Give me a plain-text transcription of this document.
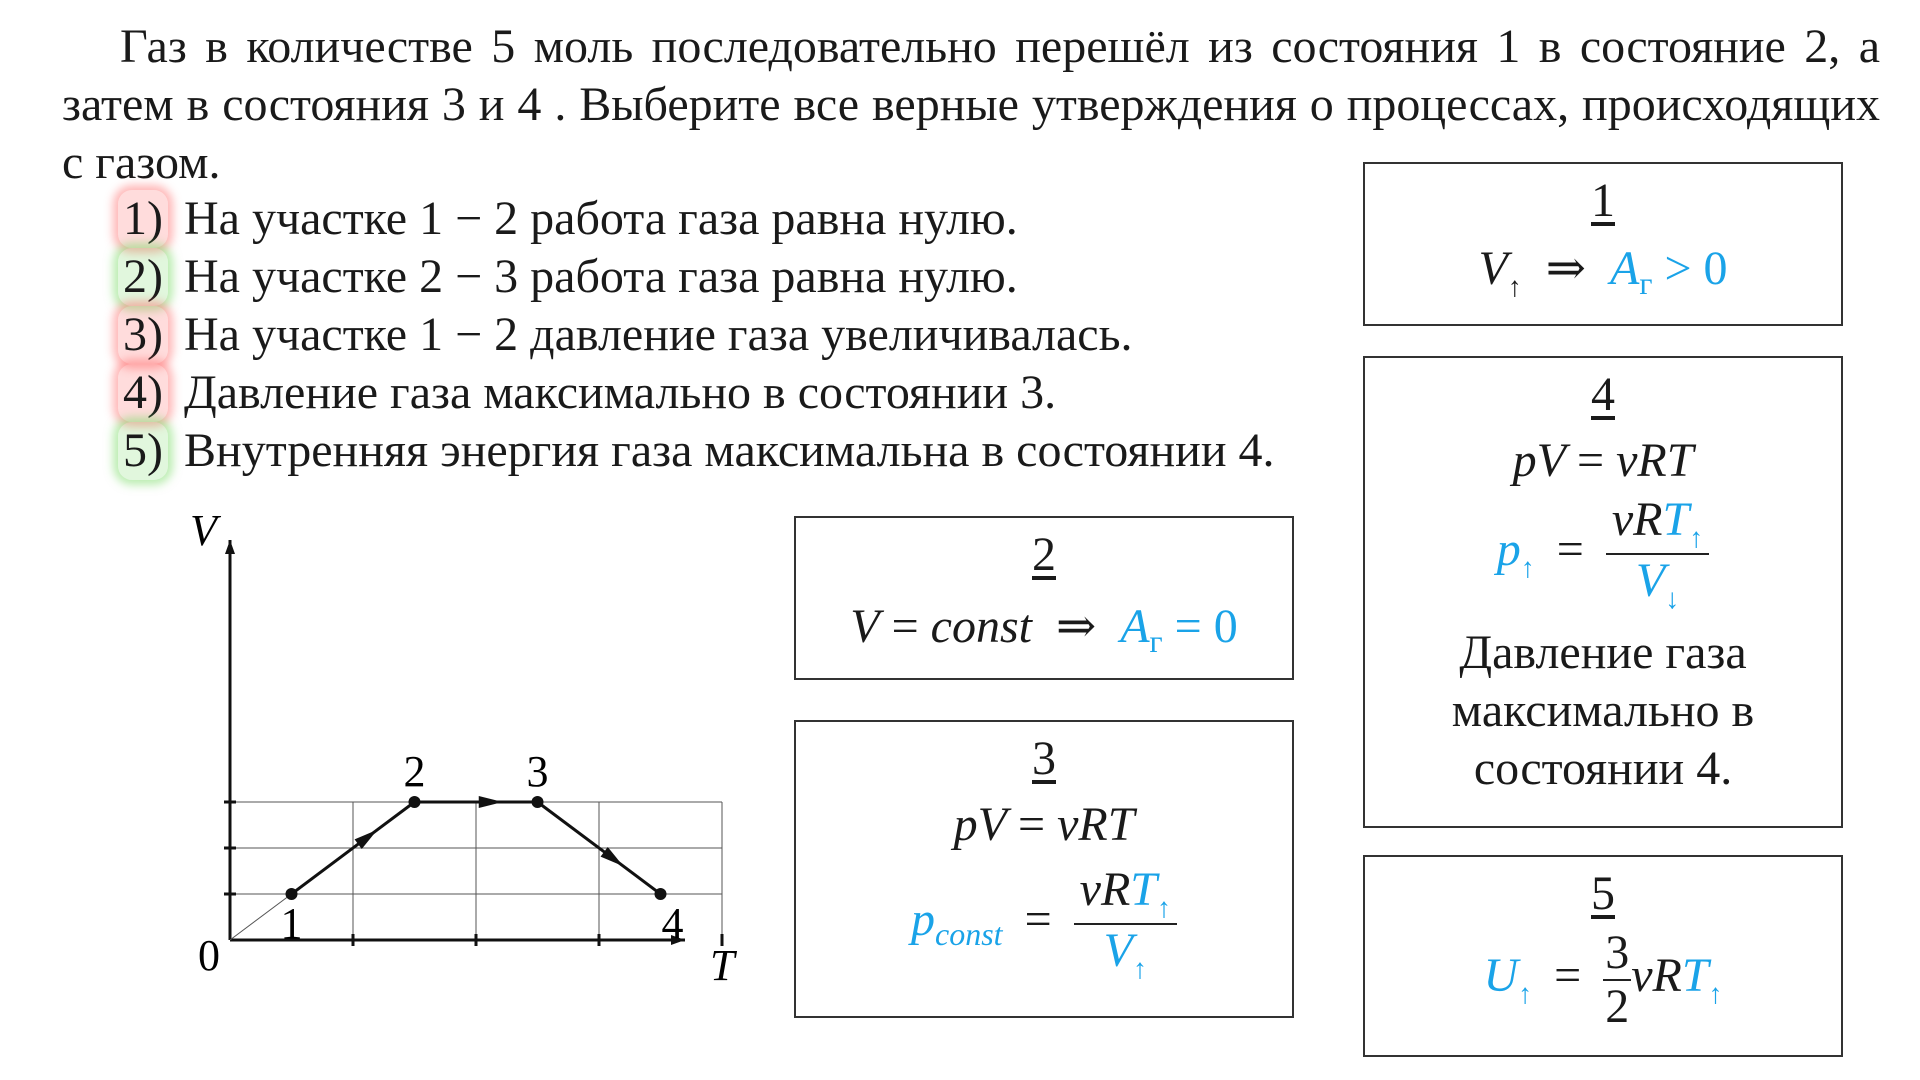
Газ в количестве 5 моль последовательно перешёл из состояния 1 в состояние 2, а затем в состояния 3 и 4 . Выберите все верные утверждения о процессах, происходящих с газом.
1) На участке 1 − 2 работа газа равна нулю.
2) На участке 2 − 3 работа газа равна нулю.
3) На участке 1 − 2 давление газа увеличивалась.
4) Давление газа максимально в состоянии 3.
5) Внутренняя энергия газа максимальна в состоянии 4.
1
2 3
4
V
T
0
1
$V_↑$ ⇒ $A_г > 0$
2
V = const ⇒ $A_г = 0$
3
pV = νRT
$p_{const} = \frac{\nu RT_↑}{V_↑}$
4
pV = νRT
$p_↑ = \frac{\nu RT_↑}{V_↓}$
Давление газа
максимально в
состоянии 4.
5
$U_↑ = \frac{3}{2} \nu RT_↑$
